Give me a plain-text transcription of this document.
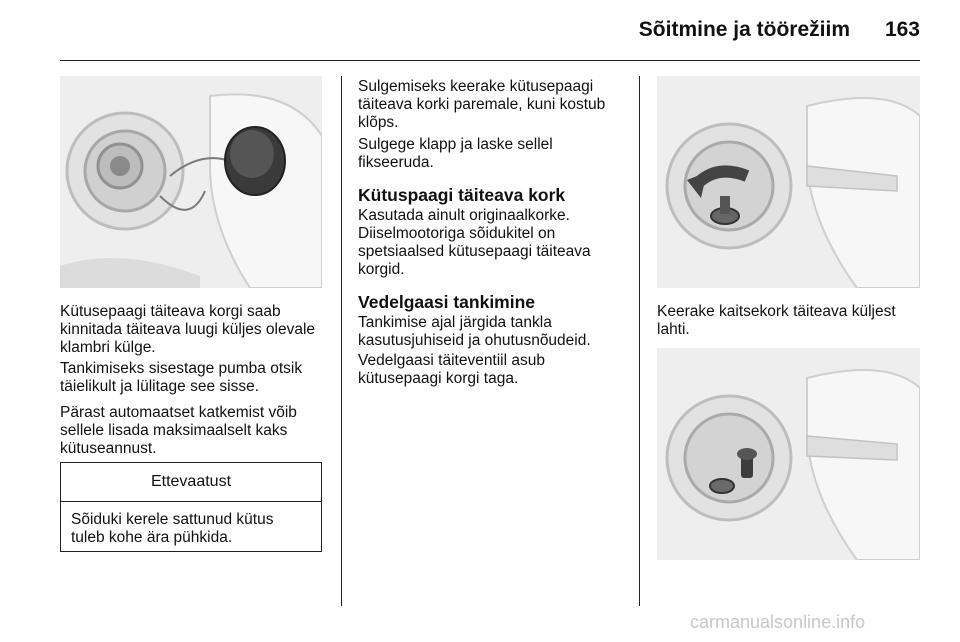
Sõitmine ja töörežiim	163

Kütusepaagi täiteava korgi saab kinnitada täiteava luugi küljes olevale klambri külge.

Tankimiseks sisestage pumba otsik täielikult ja lülitage see sisse.

Pärast automaatset katkemist võib sellele lisada maksimaalselt kaks kütuseannust.

Ettevaatust
Sõiduki kerele sattunud kütus tuleb kohe ära pühkida.

Sulgemiseks keerake kütusepaagi täiteava korki paremale, kuni kostub klõps.

Sulgege klapp ja laske sellel fikseeruda.

Kütuspaagi täiteava kork

Kasutada ainult originaalkorke. Diiselmootoriga sõidukitel on spetsiaalsed kütusepaagi täiteava korgid.

Vedelgaasi tankimine

Tankimise ajal järgida tankla kasutusjuhiseid ja ohutusnõudeid.

Vedelgaasi täiteventiil asub kütusepaagi korgi taga.

Keerake kaitsekork täiteava küljest lahti.

carmanualsonline.info
